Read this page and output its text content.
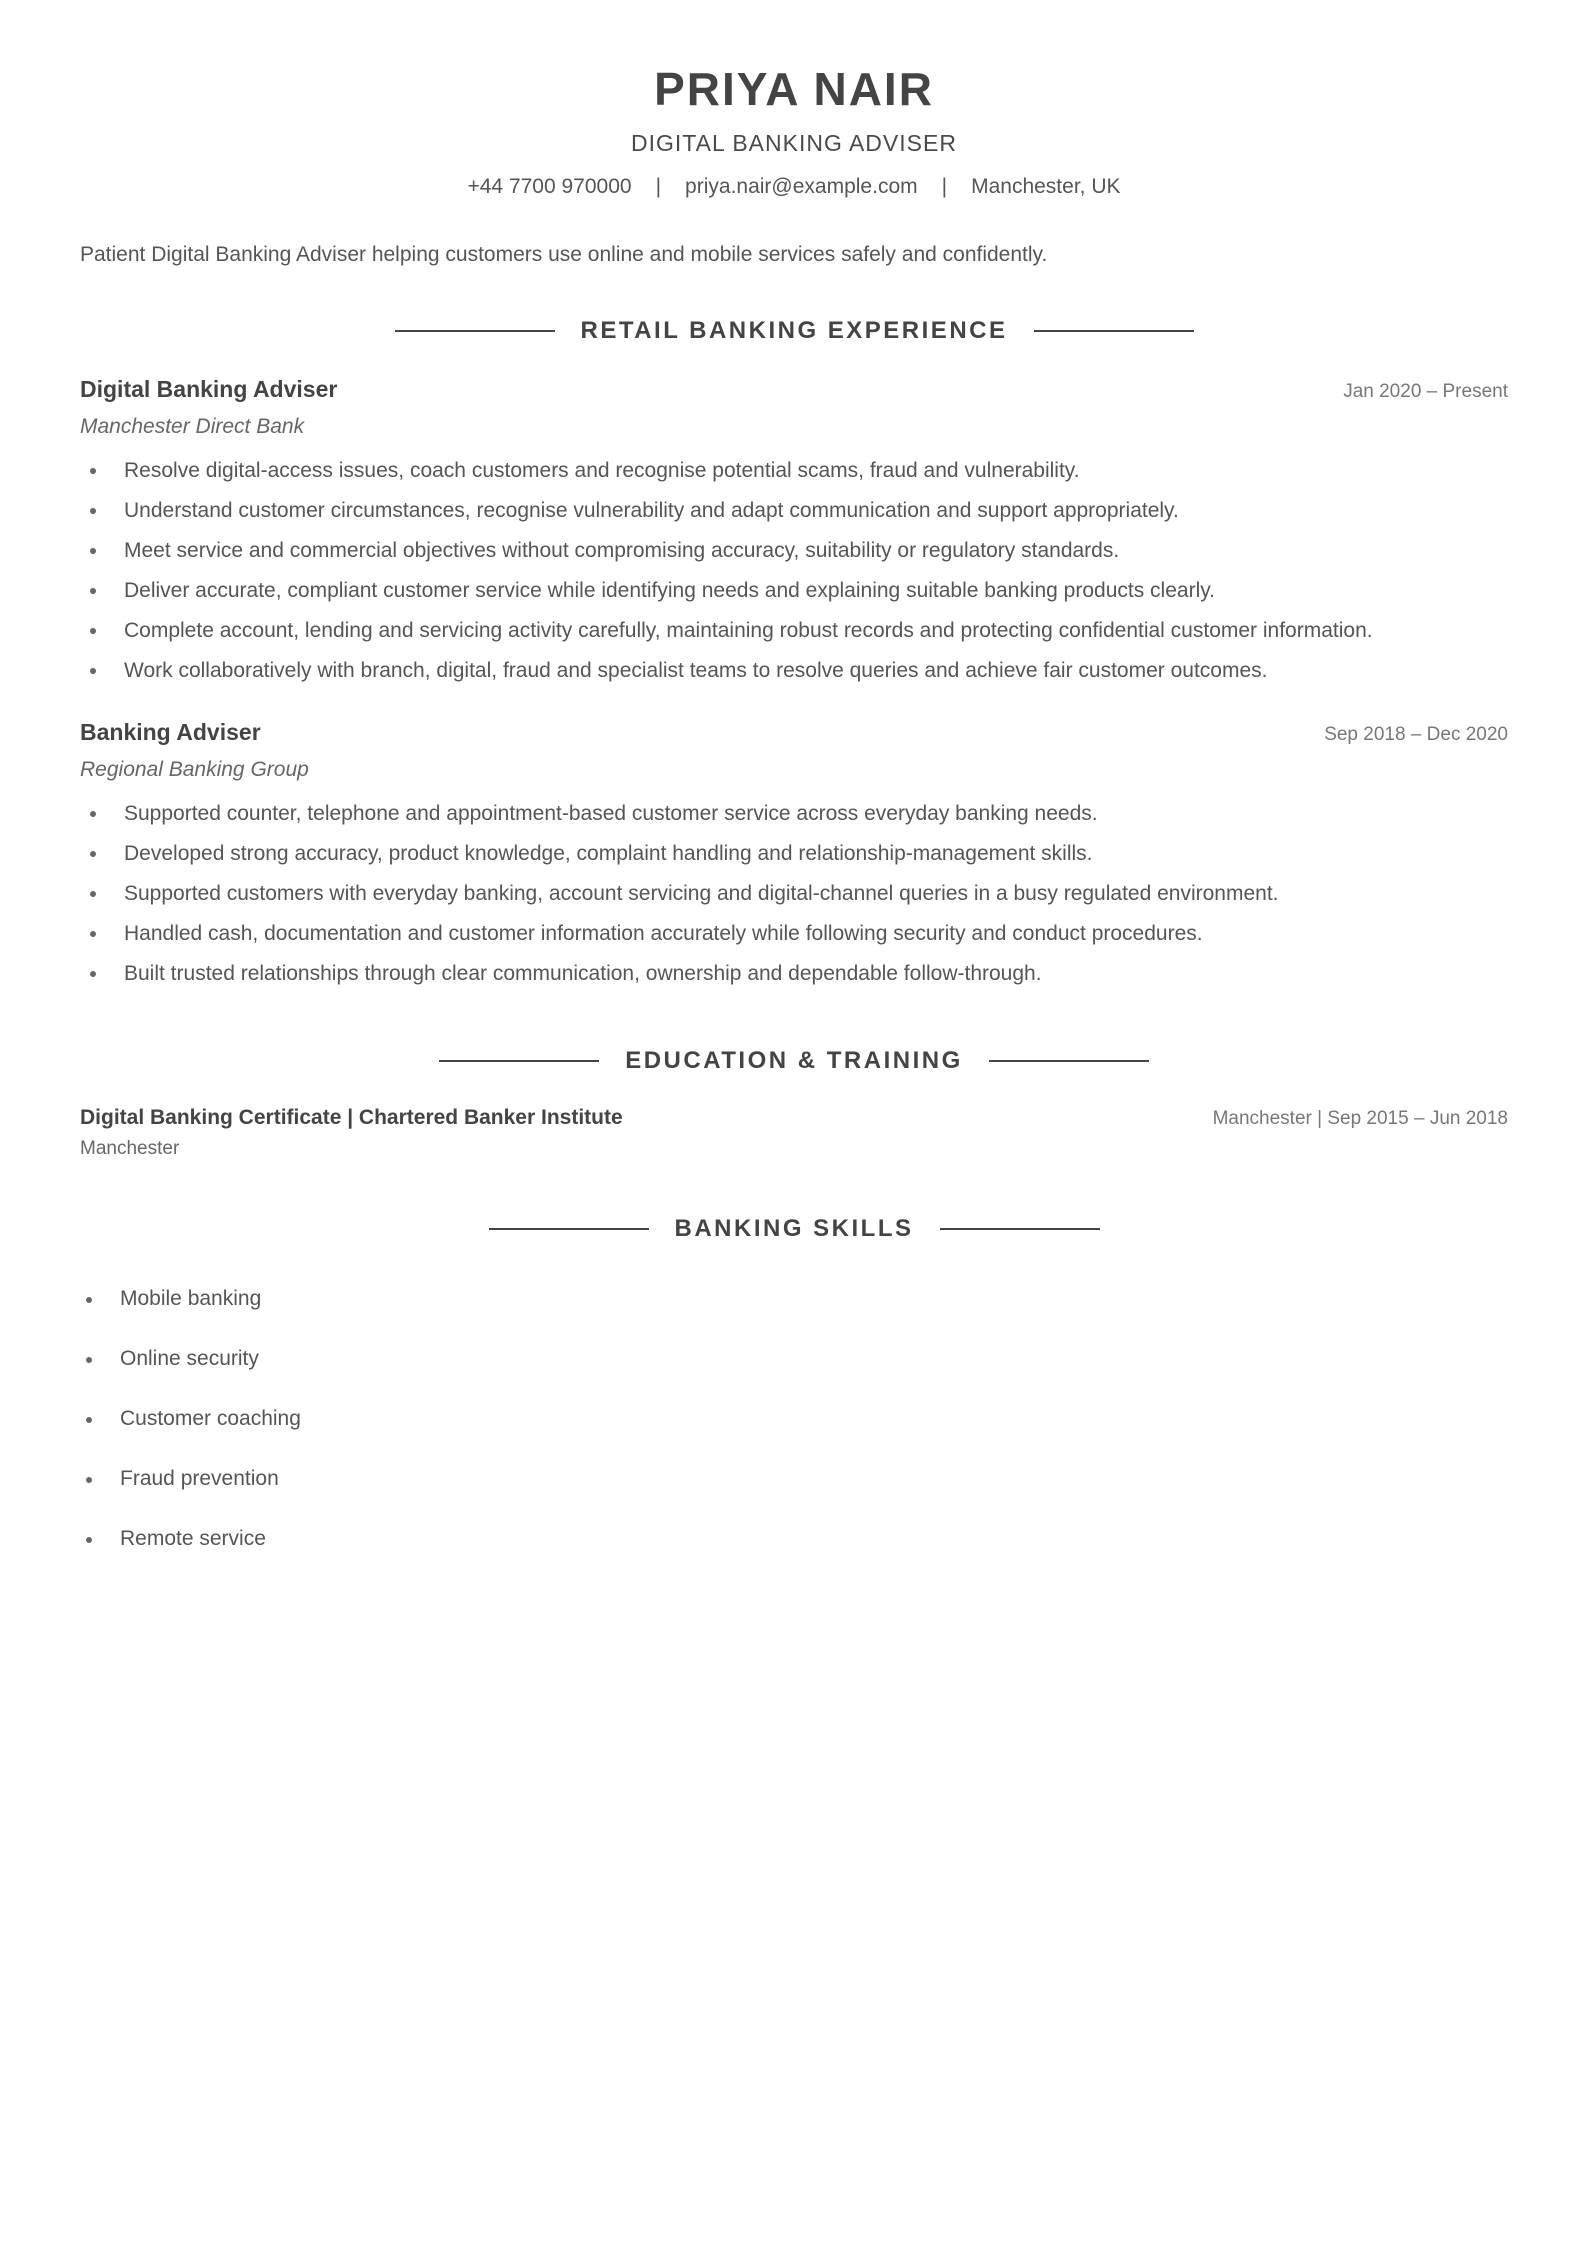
PRIYA NAIR
DIGITAL BANKING ADVISER
+44 7700 970000 | priya.nair@example.com | Manchester, UK
Patient Digital Banking Adviser helping customers use online and mobile services safely and confidently.
RETAIL BANKING EXPERIENCE
Digital Banking Adviser	Jan 2020 – Present
Manchester Direct Bank
Resolve digital-access issues, coach customers and recognise potential scams, fraud and vulnerability.
Understand customer circumstances, recognise vulnerability and adapt communication and support appropriately.
Meet service and commercial objectives without compromising accuracy, suitability or regulatory standards.
Deliver accurate, compliant customer service while identifying needs and explaining suitable banking products clearly.
Complete account, lending and servicing activity carefully, maintaining robust records and protecting confidential customer information.
Work collaboratively with branch, digital, fraud and specialist teams to resolve queries and achieve fair customer outcomes.
Banking Adviser	Sep 2018 – Dec 2020
Regional Banking Group
Supported counter, telephone and appointment-based customer service across everyday banking needs.
Developed strong accuracy, product knowledge, complaint handling and relationship-management skills.
Supported customers with everyday banking, account servicing and digital-channel queries in a busy regulated environment.
Handled cash, documentation and customer information accurately while following security and conduct procedures.
Built trusted relationships through clear communication, ownership and dependable follow-through.
EDUCATION & TRAINING
Digital Banking Certificate | Chartered Banker Institute	Manchester | Sep 2015 – Jun 2018
Manchester
BANKING SKILLS
Mobile banking
Online security
Customer coaching
Fraud prevention
Remote service
